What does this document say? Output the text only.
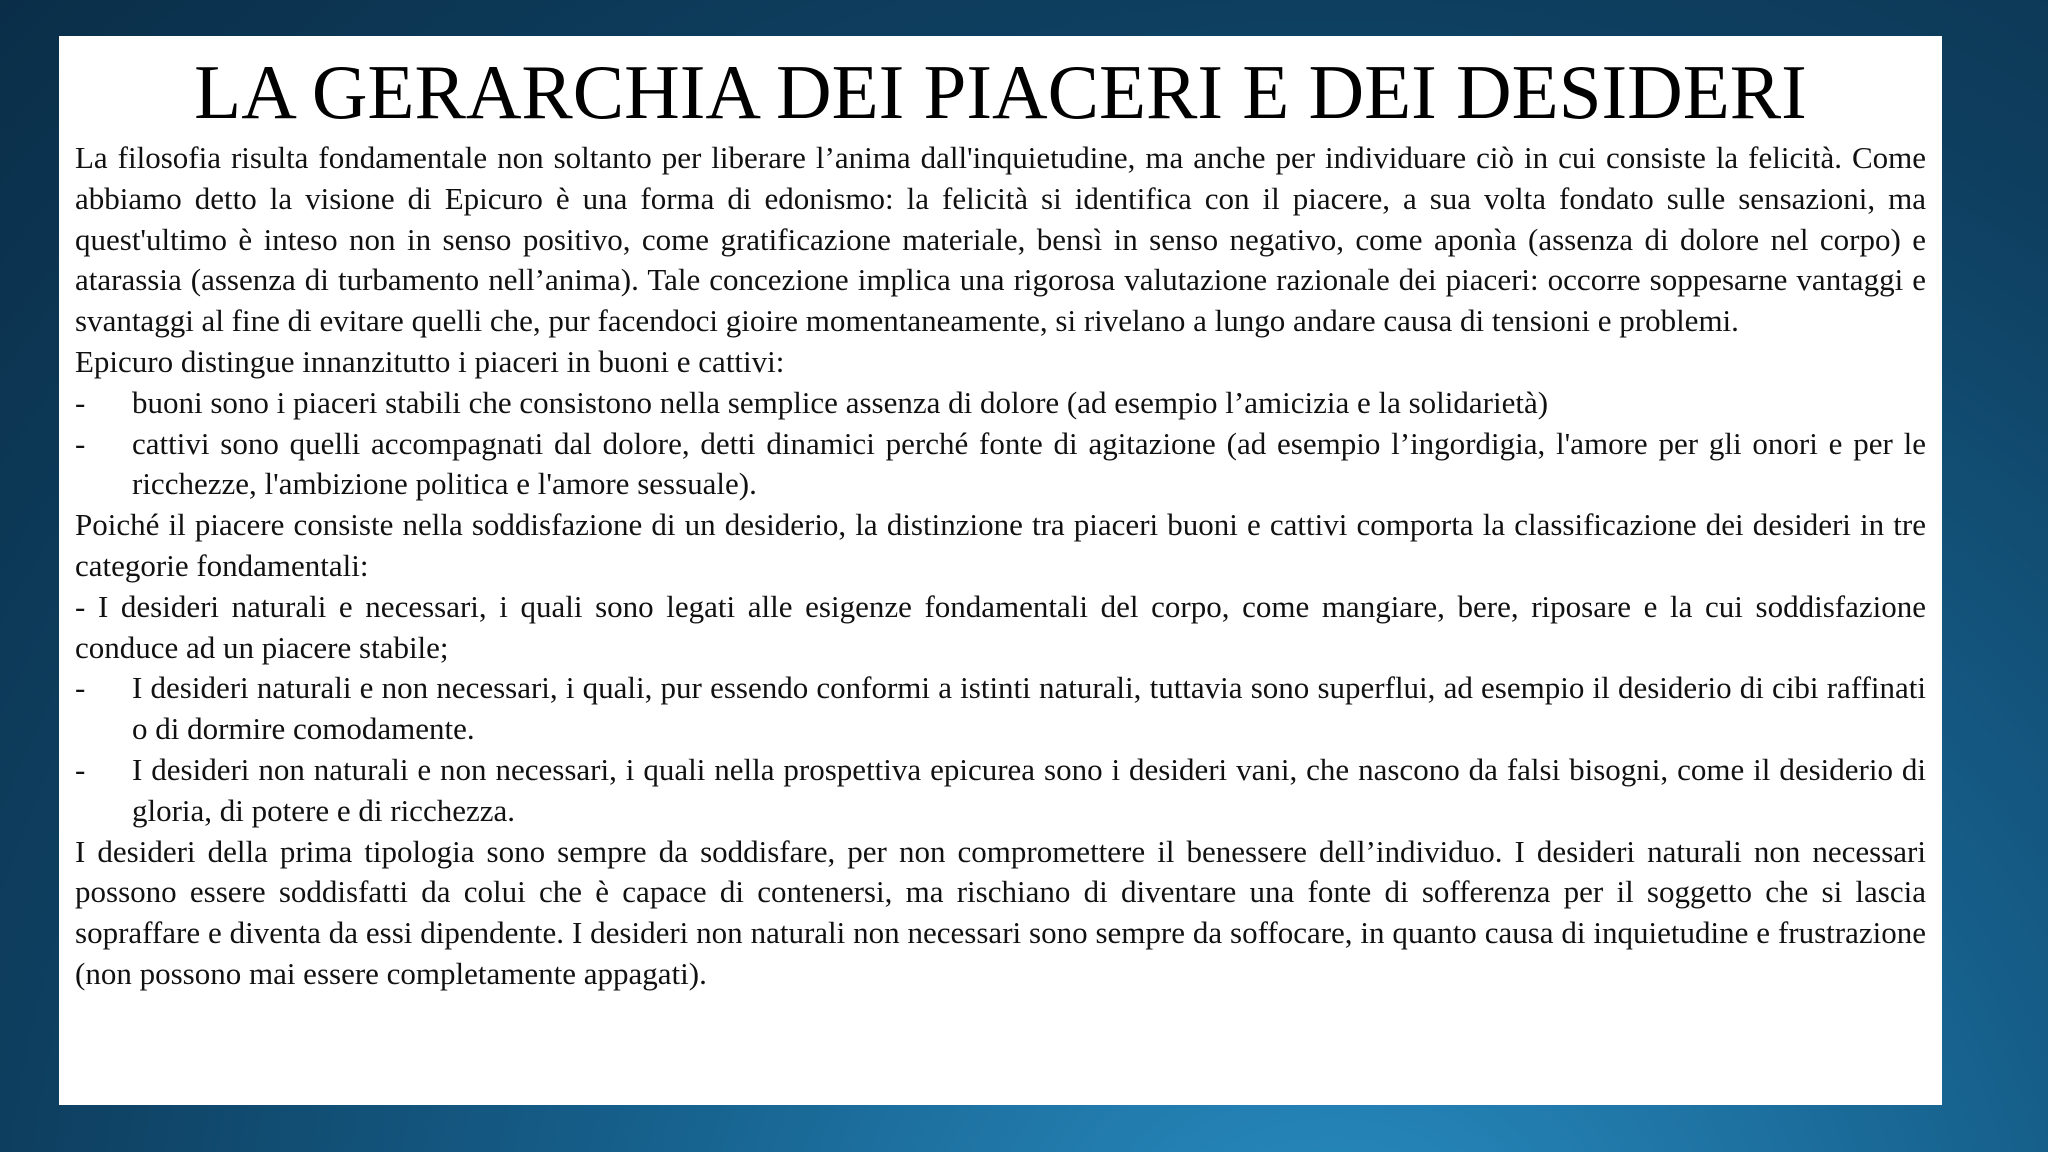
LA GERARCHIA DEI PIACERI E DEI DESIDERI

La filosofia risulta fondamentale non soltanto per liberare l’anima dall'inquietudine, ma anche per individuare ciò in cui consiste la felicità. Come abbiamo detto la visione di Epicuro è una forma di edonismo: la felicità si identifica con il piacere, a sua volta fondato sulle sensazioni, ma quest'ultimo è inteso non in senso positivo, come gratificazione materiale, bensì in senso negativo, come aponìa (assenza di dolore nel corpo) e atarassia (assenza di turbamento nell’anima). Tale concezione implica una rigorosa valutazione razionale dei piaceri: occorre soppesarne vantaggi e svantaggi al fine di evitare quelli che, pur facendoci gioire momentaneamente, si rivelano a lungo andare causa di tensioni e problemi.

Epicuro distingue innanzitutto i piaceri in buoni e cattivi:

- buoni sono i piaceri stabili che consistono nella semplice assenza di dolore (ad esempio l’amicizia e la solidarietà)
- cattivi sono quelli accompagnati dal dolore, detti dinamici perché fonte di agitazione (ad esempio l’ingordigia, l'amore per gli onori e per le ricchezze, l'ambizione politica e l'amore sessuale).

Poiché il piacere consiste nella soddisfazione di un desiderio, la distinzione tra piaceri buoni e cattivi comporta la classificazione dei desideri in tre categorie fondamentali:

- I desideri naturali e necessari, i quali sono legati alle esigenze fondamentali del corpo, come mangiare, bere, riposare e la cui soddisfazione conduce ad un piacere stabile;

- I desideri naturali e non necessari, i quali, pur essendo conformi a istinti naturali, tuttavia sono superflui, ad esempio il desiderio di cibi raffinati o di dormire comodamente.
- I desideri non naturali e non necessari, i quali nella prospettiva epicurea sono i desideri vani, che nascono da falsi bisogni, come il desiderio di gloria, di potere e di ricchezza.

I desideri della prima tipologia sono sempre da soddisfare, per non compromettere il benessere dell’individuo. I desideri naturali non necessari possono essere soddisfatti da colui che è capace di contenersi, ma rischiano di diventare una fonte di sofferenza per il soggetto che si lascia sopraffare e diventa da essi dipendente. I desideri non naturali non necessari sono sempre da soffocare, in quanto causa di inquietudine e frustrazione (non possono mai essere completamente appagati).
